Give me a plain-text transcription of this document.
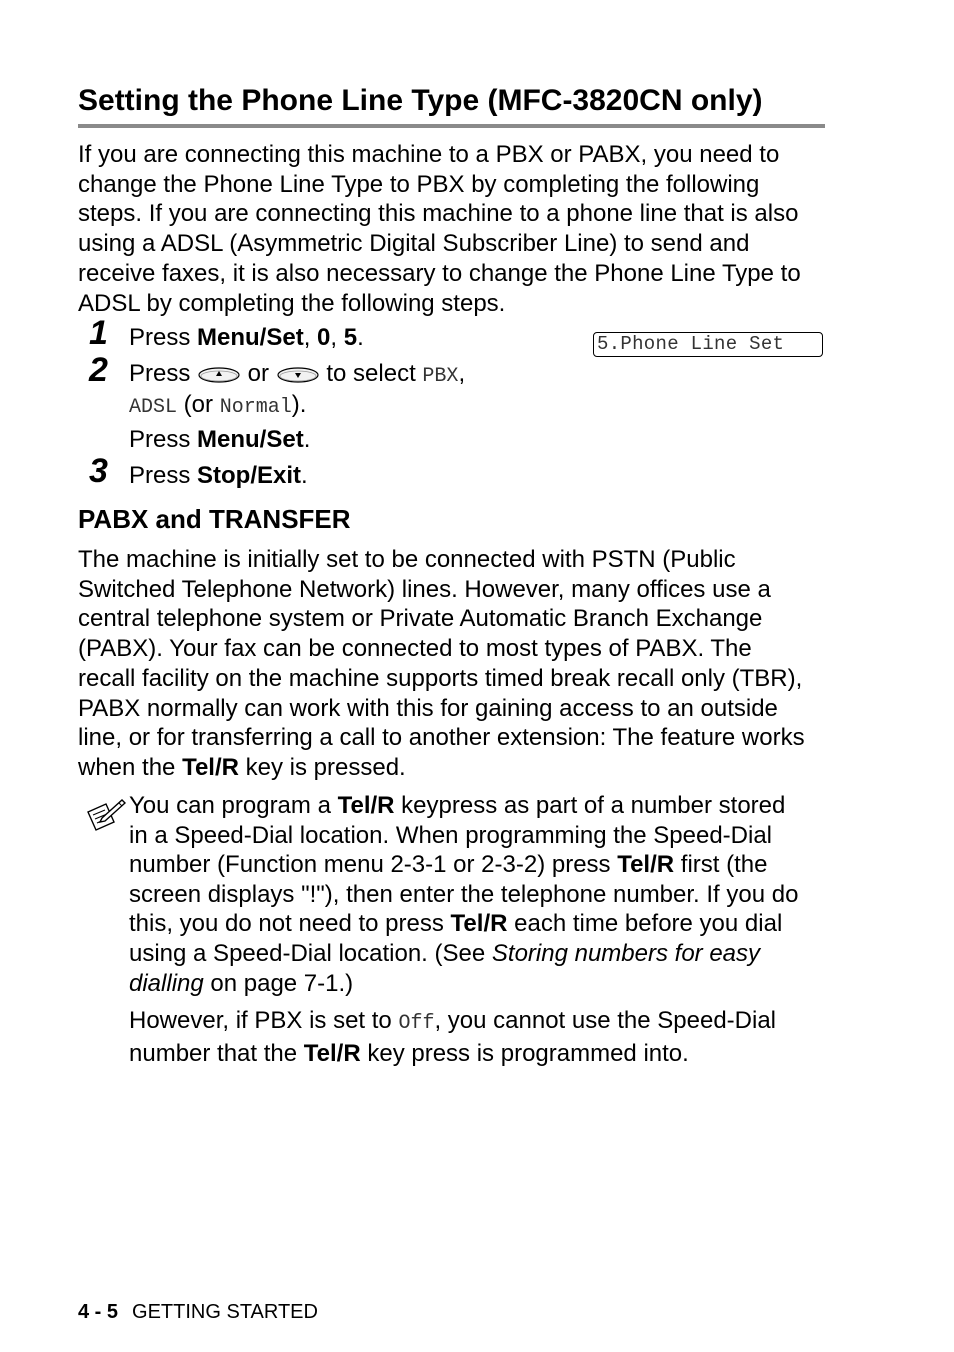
Setting the Phone Line Type (MFC-3820CN only)

If you are connecting this machine to a PBX or PABX, you need to
change the Phone Line Type to PBX by completing the following
steps. If you are connecting this machine to a phone line that is also
using a ADSL (Asymmetric Digital Subscriber Line) to send and
receive faxes, it is also necessary to change the Phone Line Type to
ADSL by completing the following steps.

1 Press Menu/Set, 0, 5.	5.Phone Line Set
2 Press  or  to select PBX,
ADSL (or Normal).
Press Menu/Set.
3 Press Stop/Exit.
PABX and TRANSFER

The machine is initially set to be connected with PSTN (Public
Switched Telephone Network) lines. However, many offices use a
central telephone system or Private Automatic Branch Exchange
(PABX). Your fax can be connected to most types of PABX. The
recall facility on the machine supports timed break recall only (TBR),
PABX normally can work with this for gaining access to an outside
line, or for transferring a call to another extension: The feature works
when the Tel/R key is pressed.

You can program a Tel/R keypress as part of a number stored
in a Speed-Dial location. When programming the Speed-Dial
number (Function menu 2-3-1 or 2-3-2) press Tel/R first (the
screen displays "!"), then enter the telephone number. If you do
this, you do not need to press Tel/R each time before you dial
using a Speed-Dial location. (See Storing numbers for easy
dialling on page 7-1.)
However, if PBX is set to Off, you cannot use the Speed-Dial
number that the Tel/R key press is programmed into.
4 - 5 GETTING STARTED
